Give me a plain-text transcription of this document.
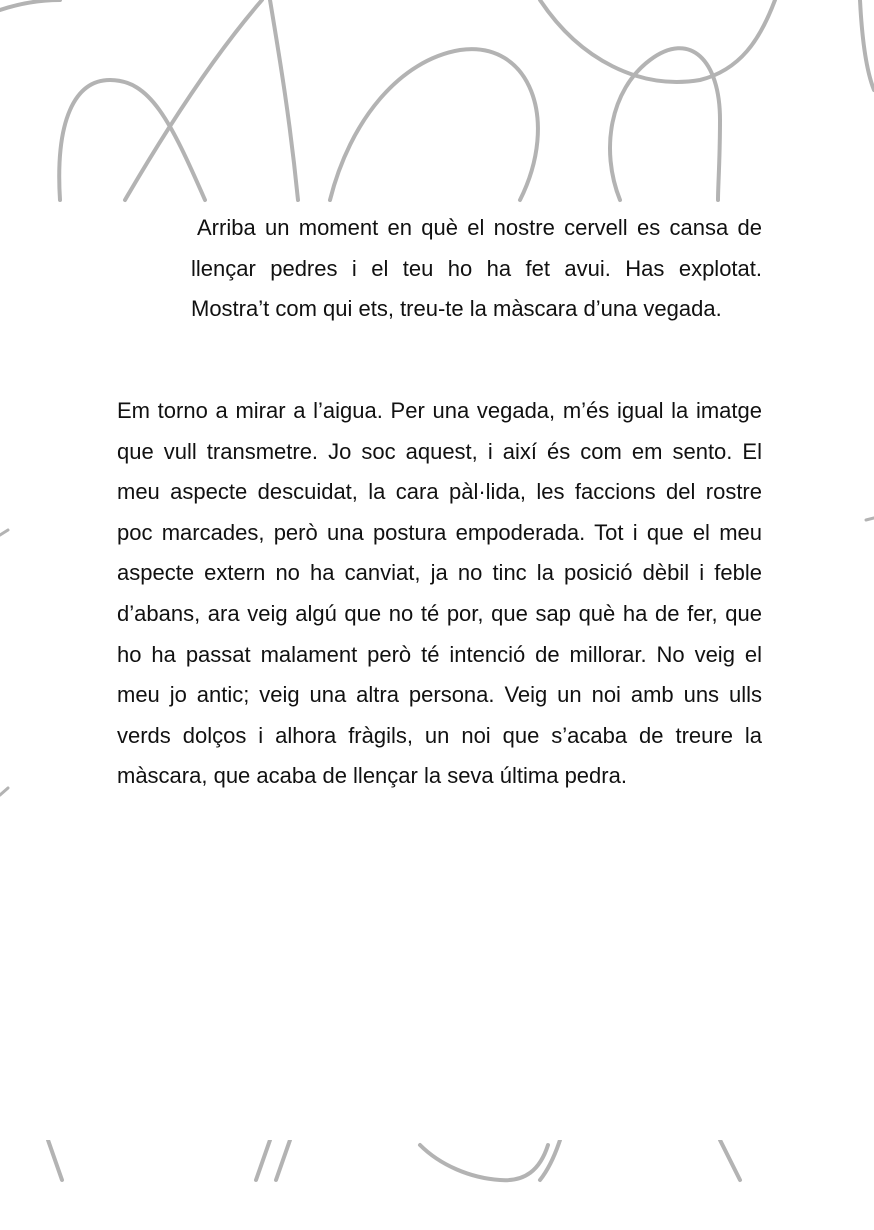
Arriba un moment en què el nostre cervell es cansa de llençar pedres i el teu ho ha fet avui. Has explotat. Mostra’t com qui ets, treu-te la màscara d’una vegada.

Em torno a mirar a l’aigua. Per una vegada, m’és igual la imatge que vull transmetre. Jo soc aquest, i així és com em sento. El meu aspecte descuidat, la cara pàl·lida, les faccions del rostre poc marcades, però una postura empoderada. Tot i que el meu aspecte extern no ha canviat, ja no tinc la posició dèbil i feble d’abans, ara veig algú que no té por, que sap què ha de fer, que ho ha passat malament però té intenció de millorar. No veig el meu jo antic; veig una altra persona. Veig un noi amb uns ulls verds dolços i alhora fràgils, un noi que s’acaba de treure la màscara, que acaba de llençar la seva última pedra.
